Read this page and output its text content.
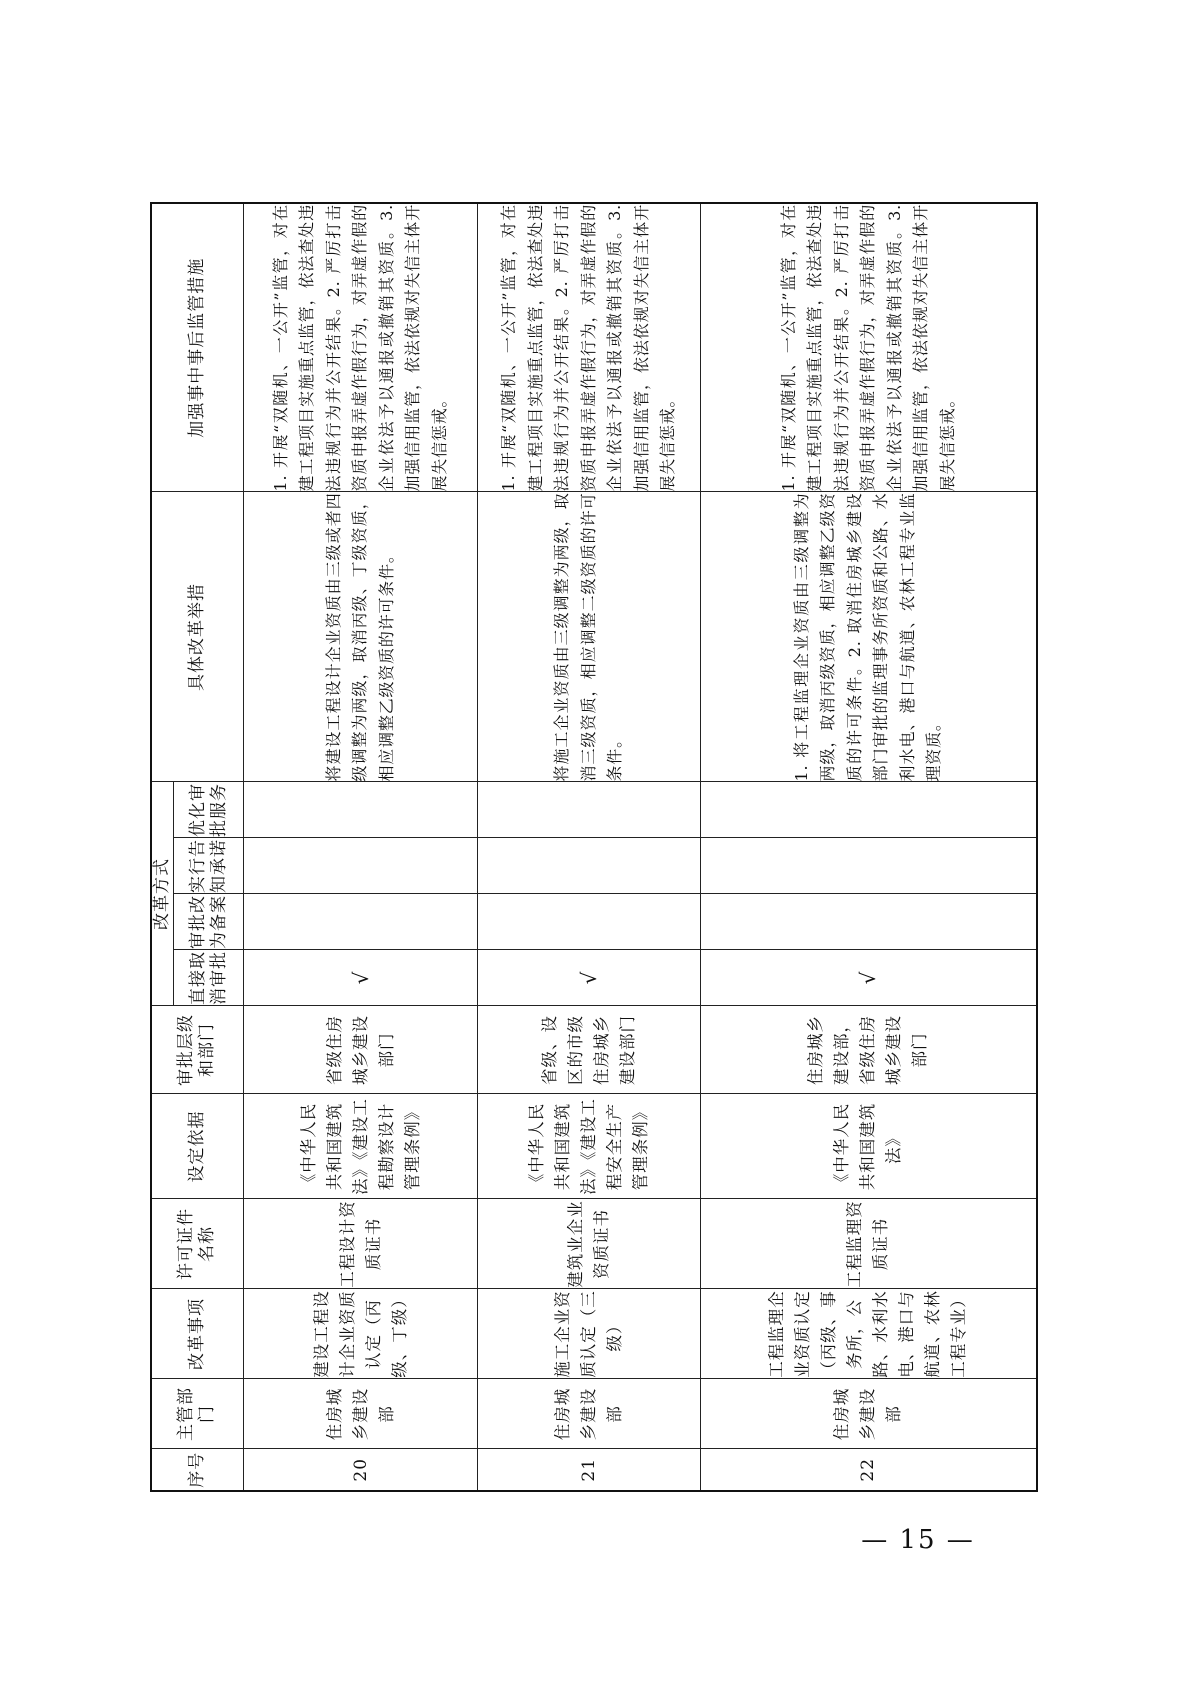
序号	主管部门	改革事项	许可证件名称	设定依据	审批层级和部门	改革方式				具体改革举措	加强事中事后监管措施
						直接取消审批	审批改为备案	实行告知承诺	优化审批服务		
20	住房城乡建设部	建设工程设计企业资质认定（丙级、丁级）	工程设计资质证书	《中华人民共和国建筑法》《建设工程勘察设计管理条例》	省级住房城乡建设部门	√				将建设工程设计企业资质由三级或者四级调整为两级，取消丙级、丁级资质，相应调整乙级资质的许可条件。	1. 开展“双随机、一公开”监管，对在建工程项目实施重点监管，依法查处违法违规行为并公开结果。2. 严厉打击资质申报弄虚作假行为，对弄虚作假的企业依法予以通报或撤销其资质。3. 加强信用监管，依法依规对失信主体开展失信惩戒。
21	住房城乡建设部	施工企业资质认定（三级）	建筑业企业资质证书	《中华人民共和国建筑法》《建设工程安全生产管理条例》	省级、设区的市级住房城乡建设部门	√				将施工企业资质由三级调整为两级，取消三级资质，相应调整二级资质的许可条件。	1. 开展“双随机、一公开”监管，对在建工程项目实施重点监管，依法查处违法违规行为并公开结果。2. 严厉打击资质申报弄虚作假行为，对弄虚作假的企业依法予以通报或撤销其资质。3. 加强信用监管，依法依规对失信主体开展失信惩戒。
22	住房城乡建设部	工程监理企业资质认定（丙级、事务所，公路、水利水电、港口与航道、农林工程专业）	工程监理资质证书	《中华人民共和国建筑法》	住房城乡建设部，省级住房城乡建设部门	√				1. 将工程监理企业资质由三级调整为两级，取消丙级资质，相应调整乙级资质的许可条件。2. 取消住房城乡建设部门审批的监理事务所资质和公路、水利水电、港口与航道、农林工程专业监理资质。	1. 开展“双随机、一公开”监管，对在建工程项目实施重点监管，依法查处违法违规行为并公开结果。2. 严厉打击资质申报弄虚作假行为，对弄虚作假的企业依法予以通报或撤销其资质。3. 加强信用监管，依法依规对失信主体开展失信惩戒。
— 15 —
